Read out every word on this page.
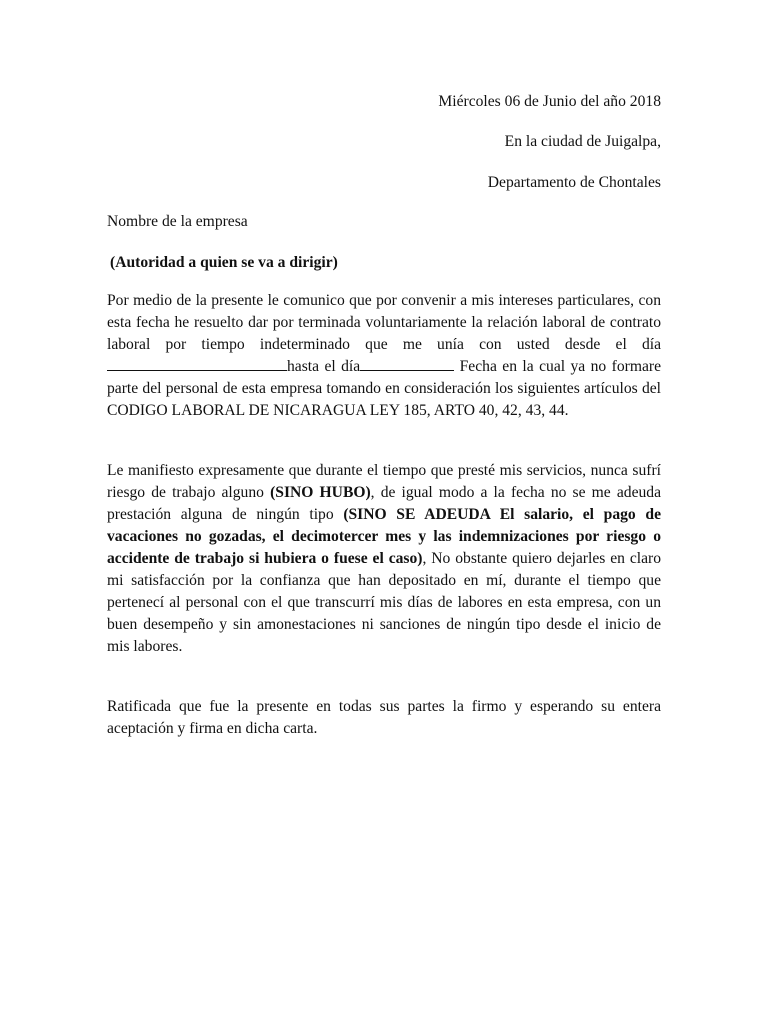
Miércoles 06 de Junio del año 2018
En la ciudad de Juigalpa,
Departamento de Chontales
Nombre de la empresa
(Autoridad a quien se va a dirigir)

Por medio de la presente le comunico que por convenir a mis intereses particulares, con esta fecha he resuelto dar por terminada voluntariamente la relación laboral de contrato laboral por tiempo indeterminado que me unía con usted desde el día hasta el día	Fecha en la cual ya no formare parte del personal de esta empresa tomando en consideración los siguientes artículos del CODIGO LABORAL DE NICARAGUA LEY 185, ARTO 40, 42, 43, 44.

Le manifiesto expresamente que durante el tiempo que presté mis servicios, nunca sufrí riesgo de trabajo alguno (SINO HUBO), de igual modo a la fecha no se me adeuda prestación alguna de ningún tipo (SINO SE ADEUDA El salario, el pago de vacaciones no gozadas, el decimotercer mes y las indemnizaciones por riesgo o accidente de trabajo si hubiera o fuese el caso), No obstante quiero dejarles en claro mi satisfacción por la confianza que han depositado en mí, durante el tiempo que pertenecí al personal con el que transcurrí mis días de labores en esta empresa, con un buen desempeño y sin amonestaciones ni sanciones de ningún tipo desde el inicio de mis labores.

Ratificada que fue la presente en todas sus partes la firmo y esperando su entera aceptación y firma en dicha carta.
